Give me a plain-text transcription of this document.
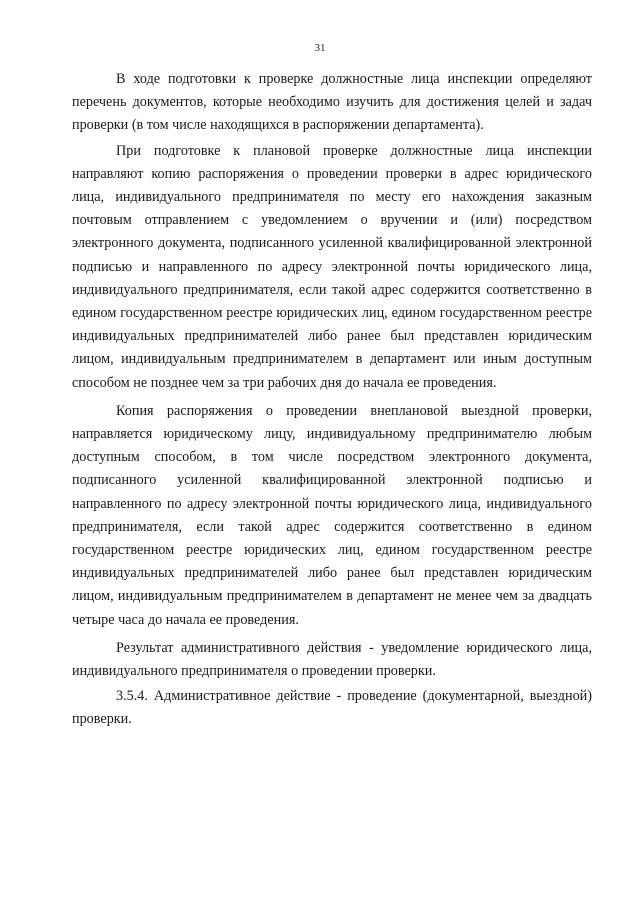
31

В ходе подготовки к проверке должностные лица инспекции определяют перечень документов, которые необходимо изучить для достижения целей и задач проверки (в том числе находящихся в распоряжении департамента).

При подготовке к плановой проверке должностные лица инспекции направляют копию распоряжения о проведении проверки в адрес юридического лица, индивидуального предпринимателя по месту его нахождения заказным почтовым отправлением с уведомлением о вручении и (или) посредством электронного документа, подписанного усиленной квалифицированной электронной подписью и направленного по адресу электронной почты юридического лица, индивидуального предпринимателя, если такой адрес содержится соответственно в едином государственном реестре юридических лиц, едином государственном реестре индивидуальных предпринимателей либо ранее был представлен юридическим лицом, индивидуальным предпринимателем в департамент или иным доступным способом не позднее чем за три рабочих дня до начала ее проведения.

Копия распоряжения о проведении внеплановой выездной проверки, направляется юридическому лицу, индивидуальному предпринимателю любым доступным способом, в том числе посредством электронного документа, подписанного усиленной квалифицированной электронной подписью и направленного по адресу электронной почты юридического лица, индивидуального предпринимателя, если такой адрес содержится соответственно в едином государственном реестре юридических лиц, едином государственном реестре индивидуальных предпринимателей либо ранее был представлен юридическим лицом, индивидуальным предпринимателем в департамент не менее чем за двадцать четыре часа до начала ее проведения.

Результат административного действия - уведомление юридического лица, индивидуального предпринимателя о проведении проверки.

3.5.4. Административное действие - проведение (документарной, выездной) проверки.
